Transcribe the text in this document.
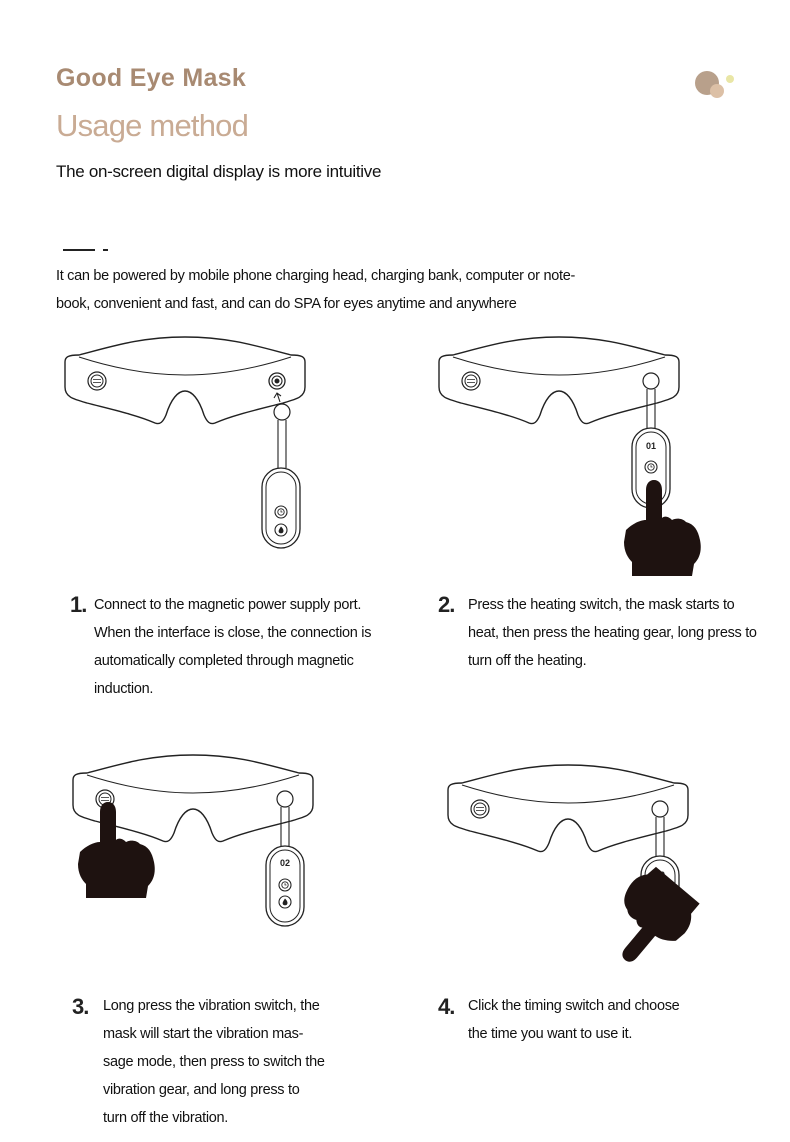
Good Eye Mask
Usage method
The on-screen digital display is more intuitive
It can be powered by mobile phone charging head, charging bank, computer or note-
book, convenient and fast, and can do SPA for eyes anytime and anywhere
01
02
1. Connect to the magnetic power supply port.
When the interface is close, the connection is
automatically completed through magnetic
induction.
2. Press the heating switch, the mask starts to
heat, then press the heating gear, long press to
turn off the heating.
3. Long press the vibration switch, the
mask will start the vibration mas-
sage mode, then press to switch the
vibration gear, and long press to
turn off the vibration.
4. Click the timing switch and choose
the time you want to use it.
